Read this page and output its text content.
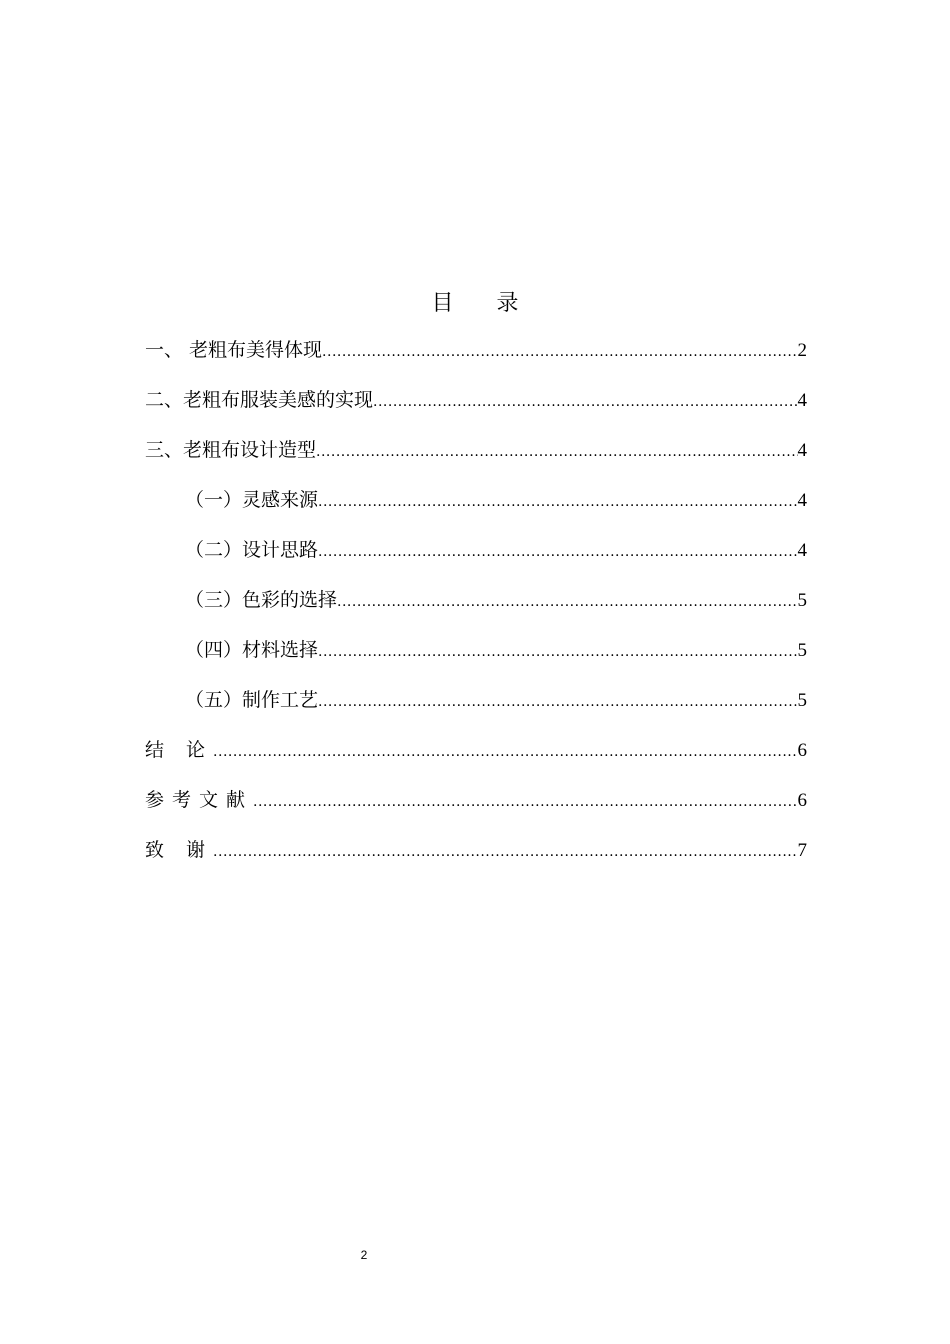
目 录
一、 老粗布美得体现 .....	2
二、老粗布服装美感的实现 .....	4
三、老粗布设计造型 .....	4
（一）灵感来源 .....	4
（二）设计思路 .....	4
（三）色彩的选择 .....	5
（四）材料选择 .....	5
（五）制作工艺 .....	5
结 论 .....	6
参考文献 .....	6
致 谢 .....	7
2
